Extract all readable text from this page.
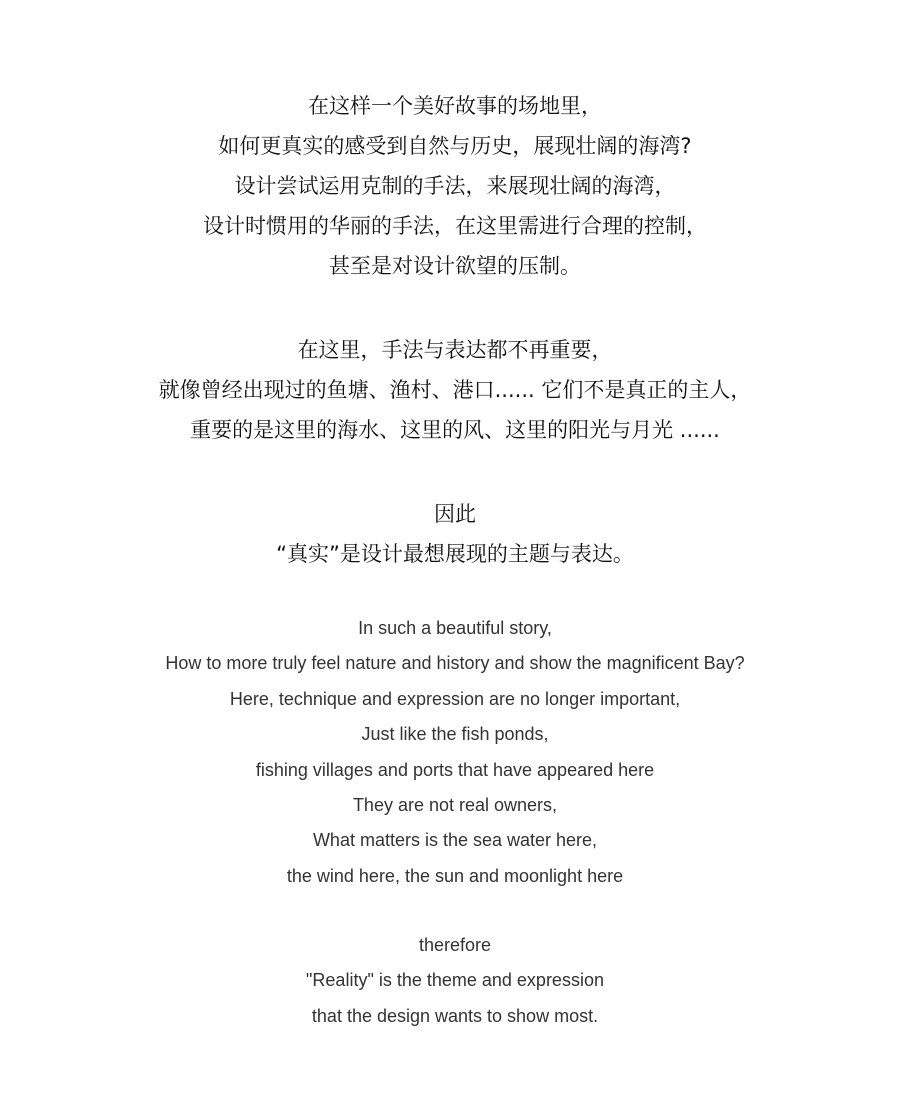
在这样一个美好故事的场地里，
如何更真实的感受到自然与历史，展现壮阔的海湾?
设计尝试运用克制的手法，来展现壮阔的海湾，
设计时惯用的华丽的手法，在这里需进行合理的控制，
甚至是对设计欲望的压制。
在这里，手法与表达都不再重要，
就像曾经出现过的鱼塘、渔村、港口...... 它们不是真正的主人，
重要的是这里的海水、这里的风、这里的阳光与月光 ......
因此
“真实”是设计最想展现的主题与表达。
In such a beautiful story,
How to more truly feel nature and history and show the magnificent Bay?
Here, technique and expression are no longer important,
Just like the fish ponds,
fishing villages and ports that have appeared here
They are not real owners,
What matters is the sea water here,
the wind here, the sun and moonlight here
therefore
"Reality" is the theme and expression
that the design wants to show most.
